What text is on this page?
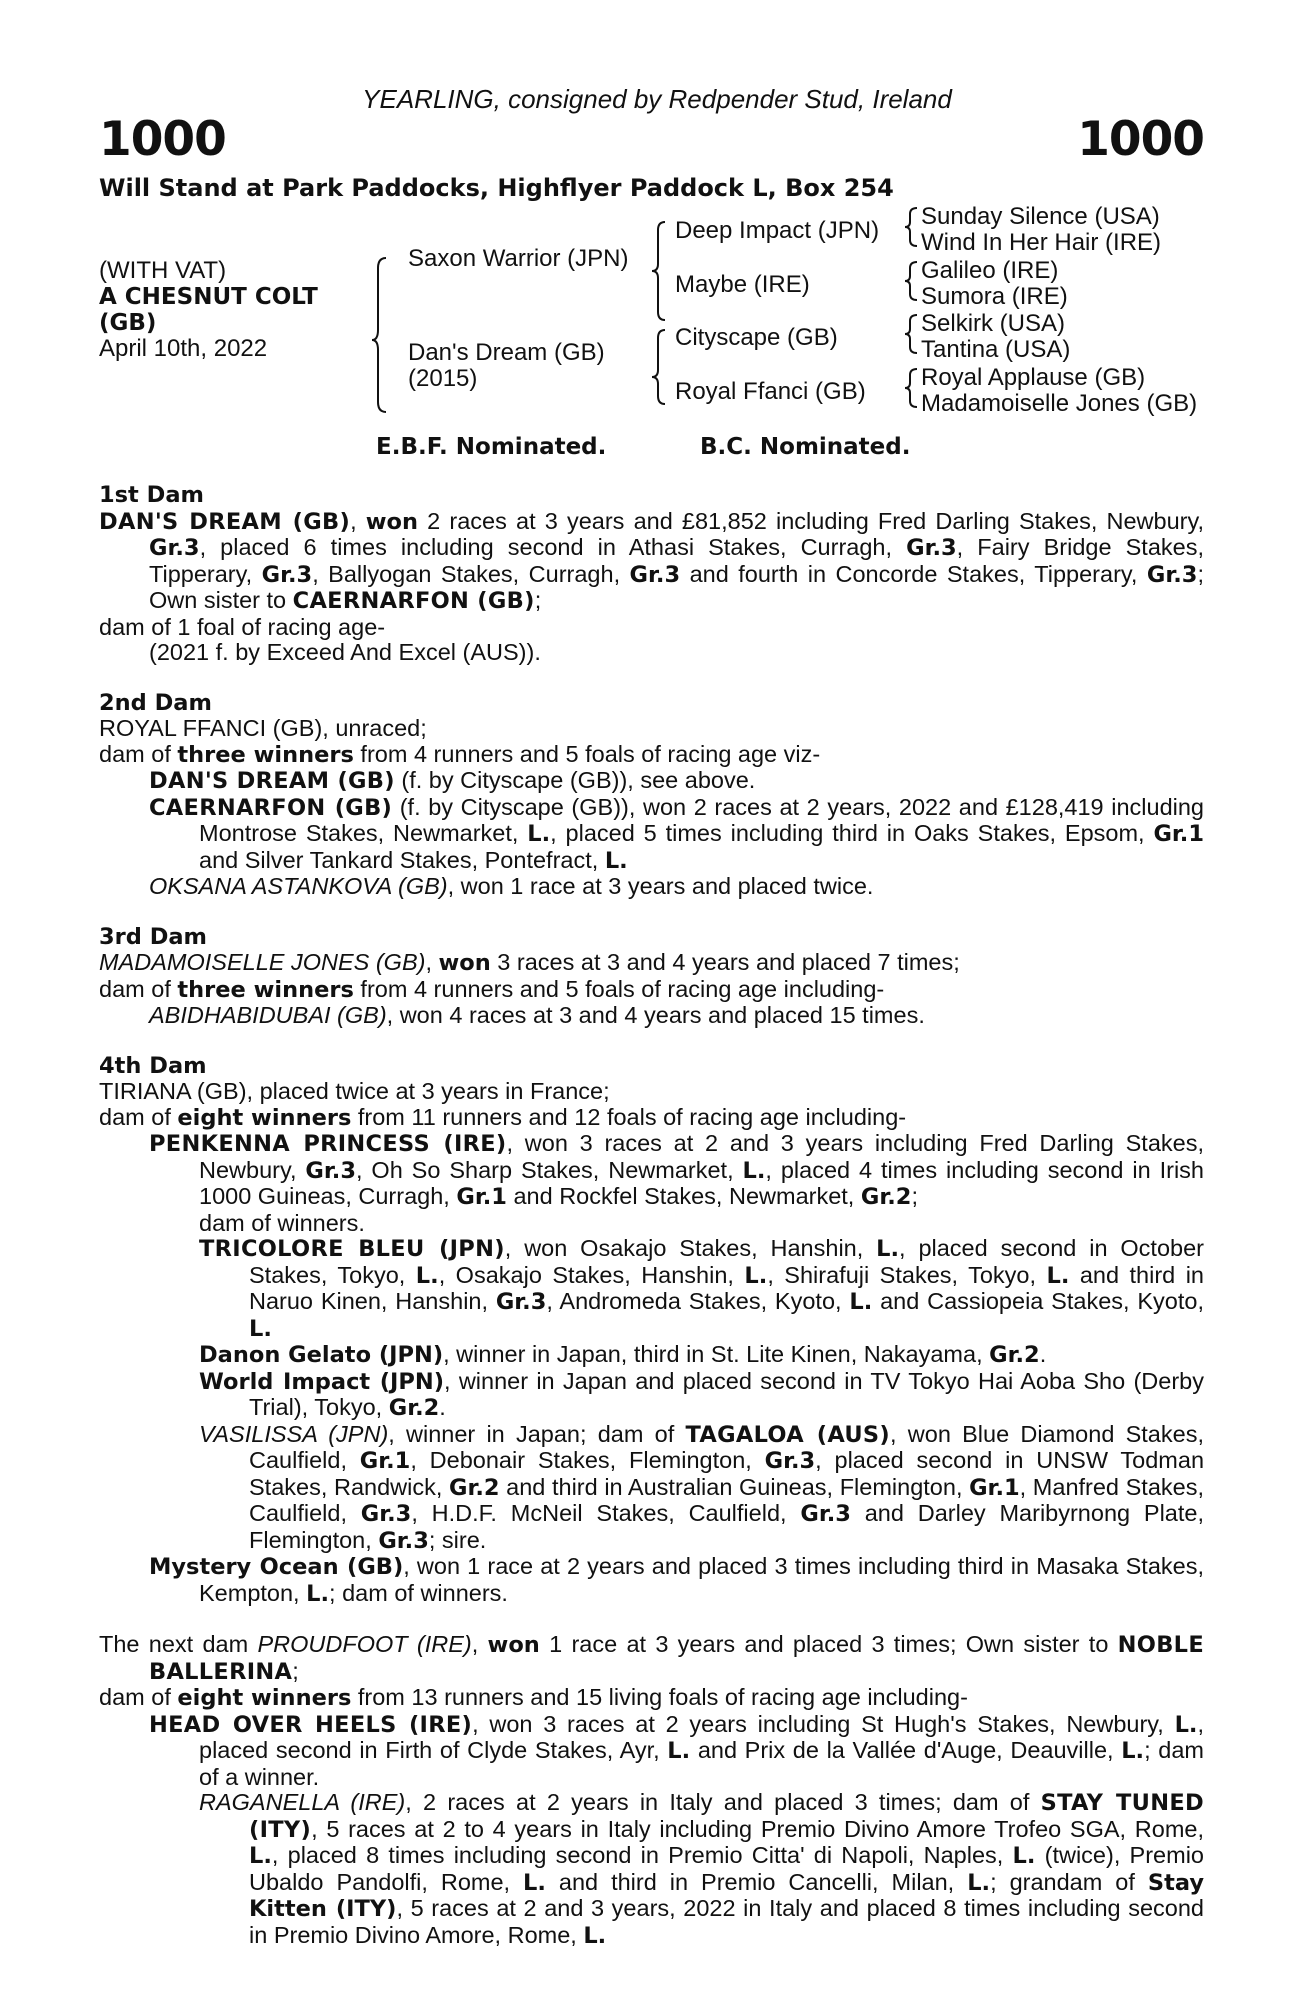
YEARLING, consigned by Redpender Stud, Ireland
1000	1000
Will Stand at Park Paddocks, Highflyer Paddock L, Box 254
(WITH VAT)
A CHESNUT COLT
(GB)
April 10th, 2022
Saxon Warrior (JPN)
Dan's Dream (GB)
(2015)
Deep Impact (JPN)
Maybe (IRE)
Cityscape (GB)
Royal Ffanci (GB)
Sunday Silence (USA)
Wind In Her Hair (IRE)
Galileo (IRE)
Sumora (IRE)
Selkirk (USA)
Tantina (USA)
Royal Applause (GB)
Madamoiselle Jones (GB)
E.B.F. Nominated.	B.C. Nominated.
1st Dam
DAN'S DREAM (GB), won 2 races at 3 years and £81,852 including Fred Darling Stakes, Newbury, Gr.3, placed 6 times including second in Athasi Stakes, Curragh, Gr.3, Fairy Bridge Stakes, Tipperary, Gr.3, Ballyogan Stakes, Curragh, Gr.3 and fourth in Concorde Stakes, Tipperary, Gr.3; Own sister to CAERNARFON (GB);
dam of 1 foal of racing age-
(2021 f. by Exceed And Excel (AUS)).
2nd Dam
ROYAL FFANCI (GB), unraced;
dam of three winners from 4 runners and 5 foals of racing age viz-
DAN'S DREAM (GB) (f. by Cityscape (GB)), see above.
CAERNARFON (GB) (f. by Cityscape (GB)), won 2 races at 2 years, 2022 and £128,419 including Montrose Stakes, Newmarket, L., placed 5 times including third in Oaks Stakes, Epsom, Gr.1 and Silver Tankard Stakes, Pontefract, L.
OKSANA ASTANKOVA (GB), won 1 race at 3 years and placed twice.
3rd Dam
MADAMOISELLE JONES (GB), won 3 races at 3 and 4 years and placed 7 times;
dam of three winners from 4 runners and 5 foals of racing age including-
ABIDHABIDUBAI (GB), won 4 races at 3 and 4 years and placed 15 times.
4th Dam
TIRIANA (GB), placed twice at 3 years in France;
dam of eight winners from 11 runners and 12 foals of racing age including-
PENKENNA PRINCESS (IRE), won 3 races at 2 and 3 years including Fred Darling Stakes, Newbury, Gr.3, Oh So Sharp Stakes, Newmarket, L., placed 4 times including second in Irish 1000 Guineas, Curragh, Gr.1 and Rockfel Stakes, Newmarket, Gr.2;
dam of winners.
TRICOLORE BLEU (JPN), won Osakajo Stakes, Hanshin, L., placed second in October Stakes, Tokyo, L., Osakajo Stakes, Hanshin, L., Shirafuji Stakes, Tokyo, L. and third in Naruo Kinen, Hanshin, Gr.3, Andromeda Stakes, Kyoto, L. and Cassiopeia Stakes, Kyoto, L.
Danon Gelato (JPN), winner in Japan, third in St. Lite Kinen, Nakayama, Gr.2.
World Impact (JPN), winner in Japan and placed second in TV Tokyo Hai Aoba Sho (Derby Trial), Tokyo, Gr.2.
VASILISSA (JPN), winner in Japan; dam of TAGALOA (AUS), won Blue Diamond Stakes, Caulfield, Gr.1, Debonair Stakes, Flemington, Gr.3, placed second in UNSW Todman Stakes, Randwick, Gr.2 and third in Australian Guineas, Flemington, Gr.1, Manfred Stakes, Caulfield, Gr.3, H.D.F. McNeil Stakes, Caulfield, Gr.3 and Darley Maribyrnong Plate, Flemington, Gr.3; sire.
Mystery Ocean (GB), won 1 race at 2 years and placed 3 times including third in Masaka Stakes, Kempton, L.; dam of winners.
The next dam PROUDFOOT (IRE), won 1 race at 3 years and placed 3 times; Own sister to NOBLE BALLERINA;
dam of eight winners from 13 runners and 15 living foals of racing age including-
HEAD OVER HEELS (IRE), won 3 races at 2 years including St Hugh's Stakes, Newbury, L., placed second in Firth of Clyde Stakes, Ayr, L. and Prix de la Vallée d'Auge, Deauville, L.; dam of a winner.
RAGANELLA (IRE), 2 races at 2 years in Italy and placed 3 times; dam of STAY TUNED (ITY), 5 races at 2 to 4 years in Italy including Premio Divino Amore Trofeo SGA, Rome, L., placed 8 times including second in Premio Citta' di Napoli, Naples, L. (twice), Premio Ubaldo Pandolfi, Rome, L. and third in Premio Cancelli, Milan, L.; grandam of Stay Kitten (ITY), 5 races at 2 and 3 years, 2022 in Italy and placed 8 times including second in Premio Divino Amore, Rome, L.
